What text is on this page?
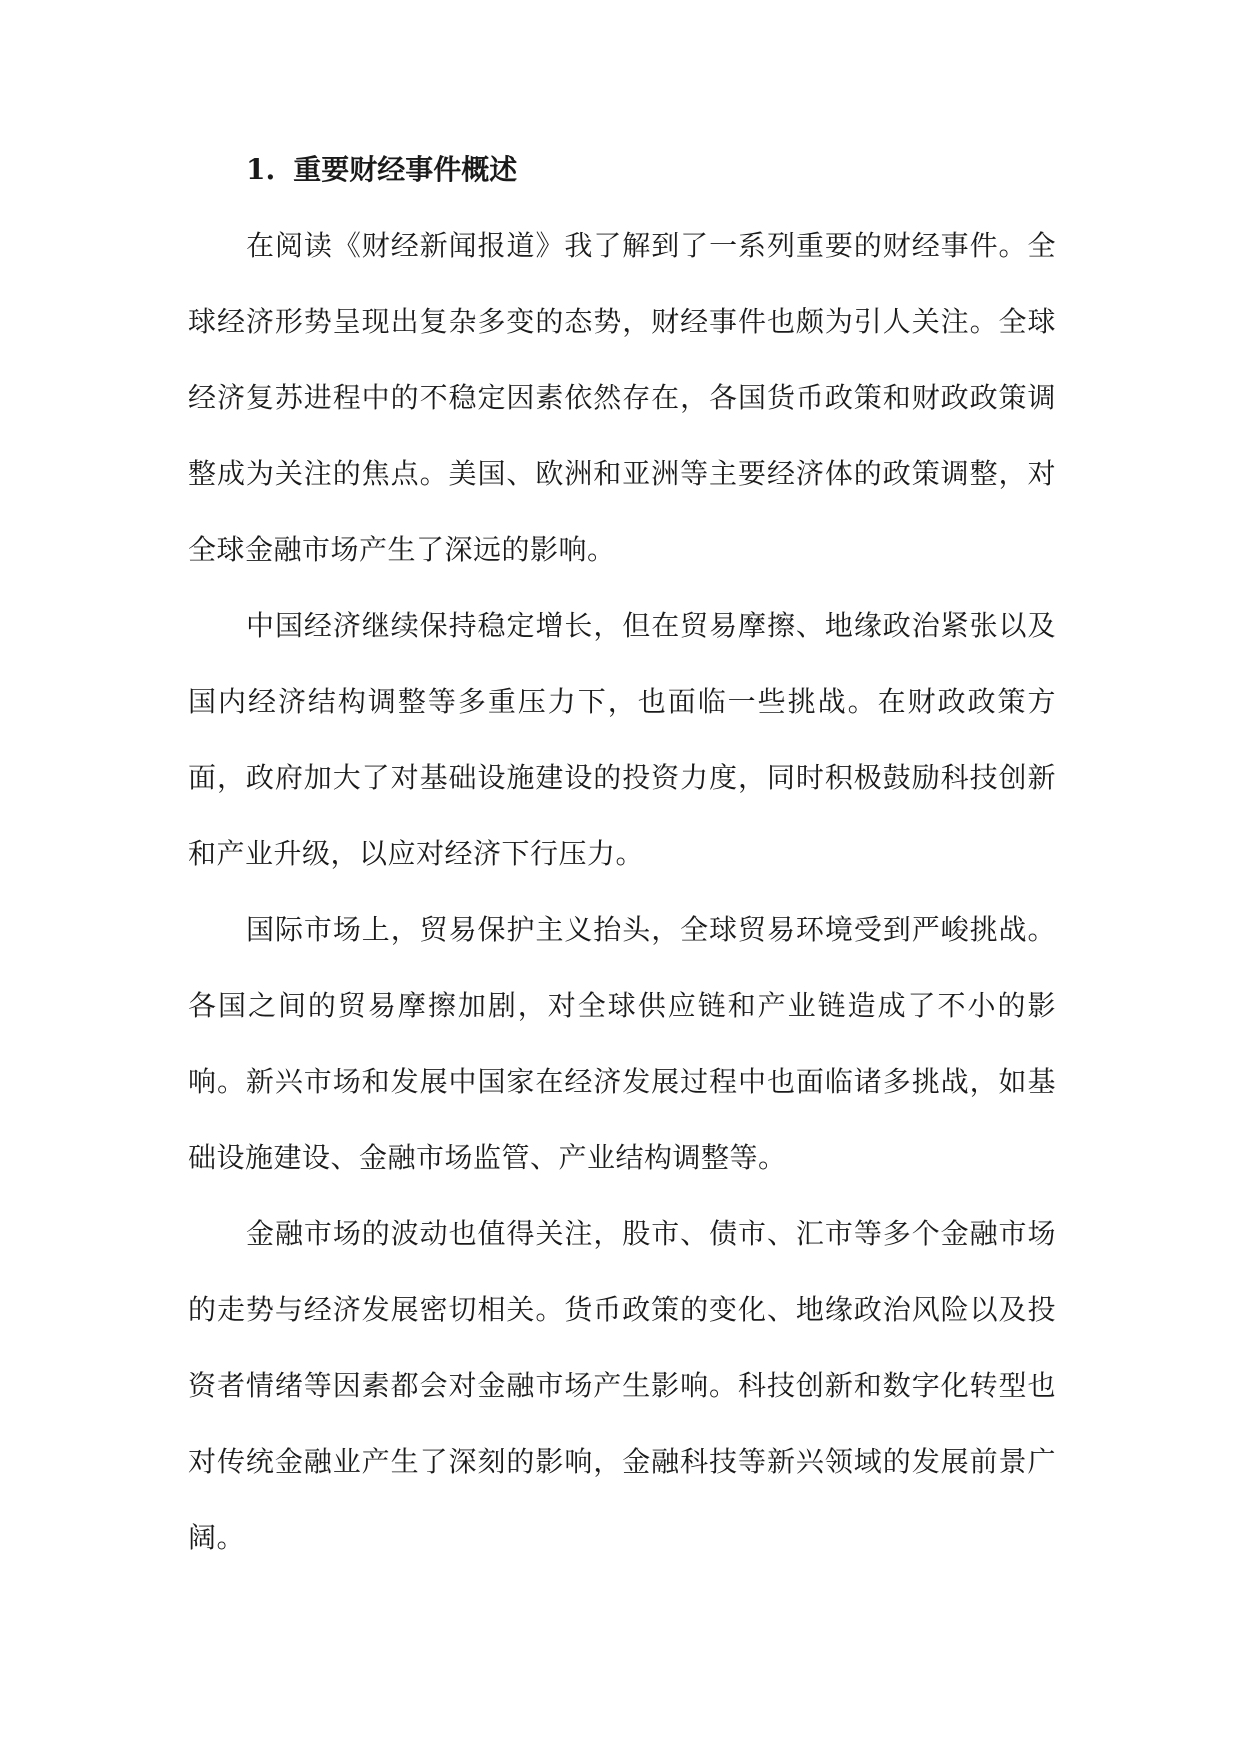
1. 重要财经事件概述

在阅读《财经新闻报道》我了解到了一系列重要的财经事件。全球经济形势呈现出复杂多变的态势，财经事件也颇为引人关注。全球经济复苏进程中的不稳定因素依然存在，各国货币政策和财政政策调整成为关注的焦点。美国、欧洲和亚洲等主要经济体的政策调整，对全球金融市场产生了深远的影响。

中国经济继续保持稳定增长，但在贸易摩擦、地缘政治紧张以及国内经济结构调整等多重压力下，也面临一些挑战。在财政政策方面，政府加大了对基础设施建设的投资力度，同时积极鼓励科技创新和产业升级，以应对经济下行压力。

国际市场上，贸易保护主义抬头，全球贸易环境受到严峻挑战。各国之间的贸易摩擦加剧，对全球供应链和产业链造成了不小的影响。新兴市场和发展中国家在经济发展过程中也面临诸多挑战，如基础设施建设、金融市场监管、产业结构调整等。

金融市场的波动也值得关注，股市、债市、汇市等多个金融市场的走势与经济发展密切相关。货币政策的变化、地缘政治风险以及投资者情绪等因素都会对金融市场产生影响。科技创新和数字化转型也对传统金融业产生了深刻的影响，金融科技等新兴领域的发展前景广阔。
